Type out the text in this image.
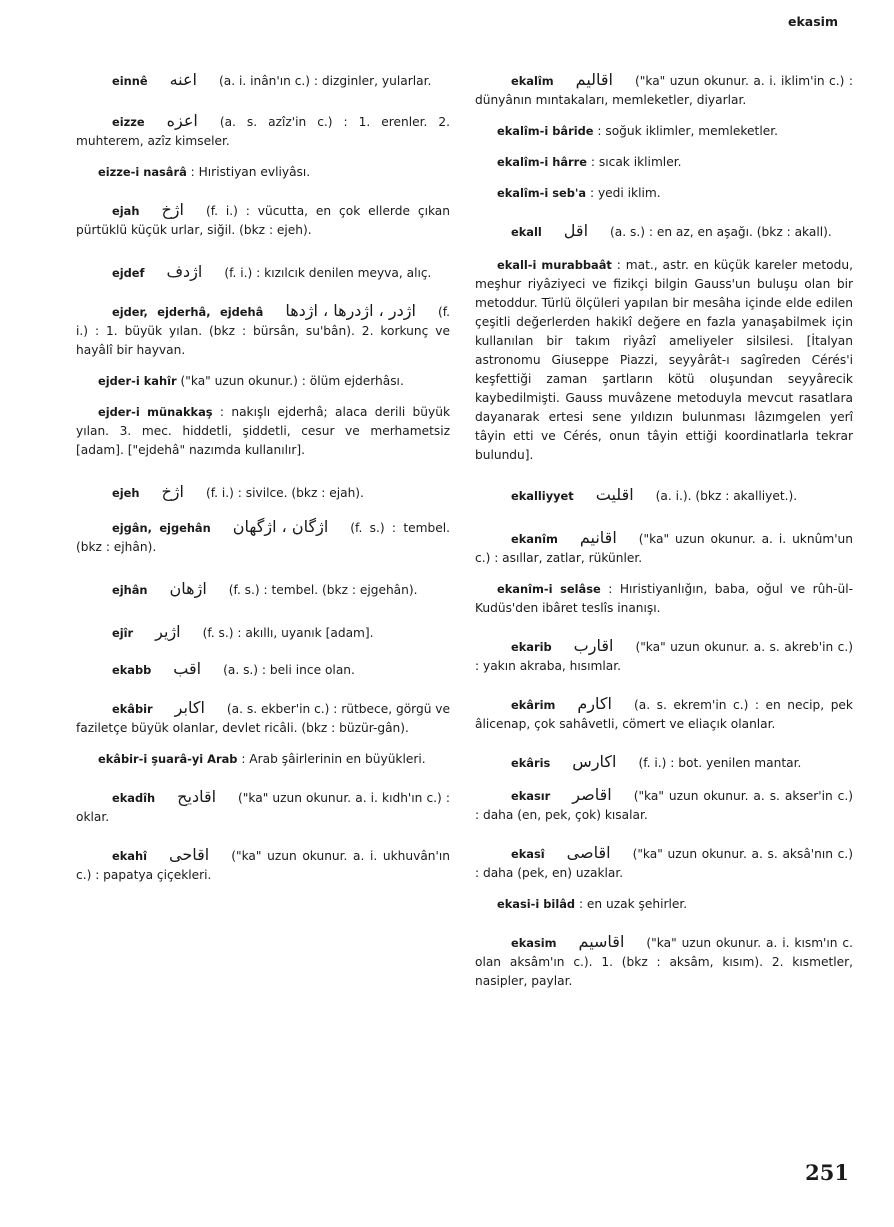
ekasim
einnê اعنه (a. i. inân'ın c.) : dizginler, yularlar.
eizze اعزه (a. s. azîz'in c.) : 1. erenler. 2. muhterem, azîz kimseler.
eizze-i nasârâ : Hıristiyan evliyâsı.
ejah اژخ (f. i.) : vücutta, en çok ellerde çıkan pürtüklü küçük urlar, siğil. (bkz : ejeh).
ejdef اژدف (f. i.) : kızılcık denilen meyva, alıç.
ejder, ejderhâ, ejdehâ اژدر ، اژدرها ، اژدها (f. i.) : 1. büyük yılan. (bkz : bürsân, su'bân). 2. korkunç ve hayâlî bir hayvan.
ejder-i kahîr ("ka" uzun okunur.) : ölüm ejderhâsı.
ejder-i münakkaş : nakışlı ejderhâ; alaca derili büyük yılan. 3. mec. hiddetli, şiddetli, cesur ve merhametsiz [adam]. ["ejdehâ" nazımda kullanılır].
ejeh اژخ (f. i.) : sivilce. (bkz : ejah).
ejgân, ejgehân اژگان ، اژگهان (f. s.) : tembel. (bkz : ejhân).
ejhân اژهان (f. s.) : tembel. (bkz : ejgehân).
ejîr اژیر (f. s.) : akıllı, uyanık [adam].
ekabb اقب (a. s.) : beli ince olan.
ekâbir اکابر (a. s. ekber'in c.) : rütbece, görgü ve faziletçe büyük olanlar, devlet ricâli. (bkz : büzür-gân).
ekâbir-i şuarâ-yi Arab : Arab şâirlerinin en büyükleri.
ekadîh اقادیح ("ka" uzun okunur. a. i. kıdh'ın c.) : oklar.
ekahî اقاحی ("ka" uzun okunur. a. i. ukhuvân'ın c.) : papatya çiçekleri.
ekalîm اقالیم ("ka" uzun okunur. a. i. iklim'in c.) : dünyânın mıntakaları, memleketler, diyarlar.
ekalîm-i bâride : soğuk iklimler, memleketler.
ekalîm-i hârre : sıcak iklimler.
ekalîm-i seb'a : yedi iklim.
ekall اقل (a. s.) : en az, en aşağı. (bkz : akall).
ekall-i murabbaât : mat., astr. en küçük kareler metodu, meşhur riyâziyeci ve fizikçi bilgin Gauss'un buluşu olan bir metoddur. Türlü ölçüleri yapılan bir mesâha içinde elde edilen çeşitli değerlerden hakikî değere en fazla yanaşabilmek için kullanılan bir takım riyâzî ameliyeler silsilesi. [İtalyan astronomu Giuseppe Piazzi, seyyârât-ı sagîreden Cérés'i keşfettiği zaman şartların kötü oluşundan seyyârecik kaybedilmişti. Gauss muvâzene metoduyla mevcut rasatlara dayanarak ertesi sene yıldızın bulunması lâzımgelen yerî tâyin etti ve Cérés, onun tâyin ettiği koordinatlarla tekrar bulundu].
ekalliyyet اقلیت (a. i.). (bkz : akalliyet.).
ekanîm اقانیم ("ka" uzun okunur. a. i. uknûm'un c.) : asıllar, zatlar, rükünler.
ekanîm-i selâse : Hıristiyanlığın, baba, oğul ve rûh-ül-Kudüs'den ibâret teslîs inanışı.
ekarib اقارب ("ka" uzun okunur. a. s. akreb'in c.) : yakın akraba, hısımlar.
ekârim اکارم (a. s. ekrem'in c.) : en necip, pek âlicenap, çok sahâvetli, cömert ve eliaçık olanlar.
ekâris اکارس (f. i.) : bot. yenilen mantar.
ekasır اقاصر ("ka" uzun okunur. a. s. akser'in c.) : daha (en, pek, çok) kısalar.
ekasî اقاصی ("ka" uzun okunur. a. s. aksâ'nın c.) : daha (pek, en) uzaklar.
ekasi-i bilâd : en uzak şehirler.
ekasim اقاسیم ("ka" uzun okunur. a. i. kısm'ın c. olan aksâm'ın c.). 1. (bkz : aksâm, kısım). 2. kısmetler, nasipler, paylar.
251
